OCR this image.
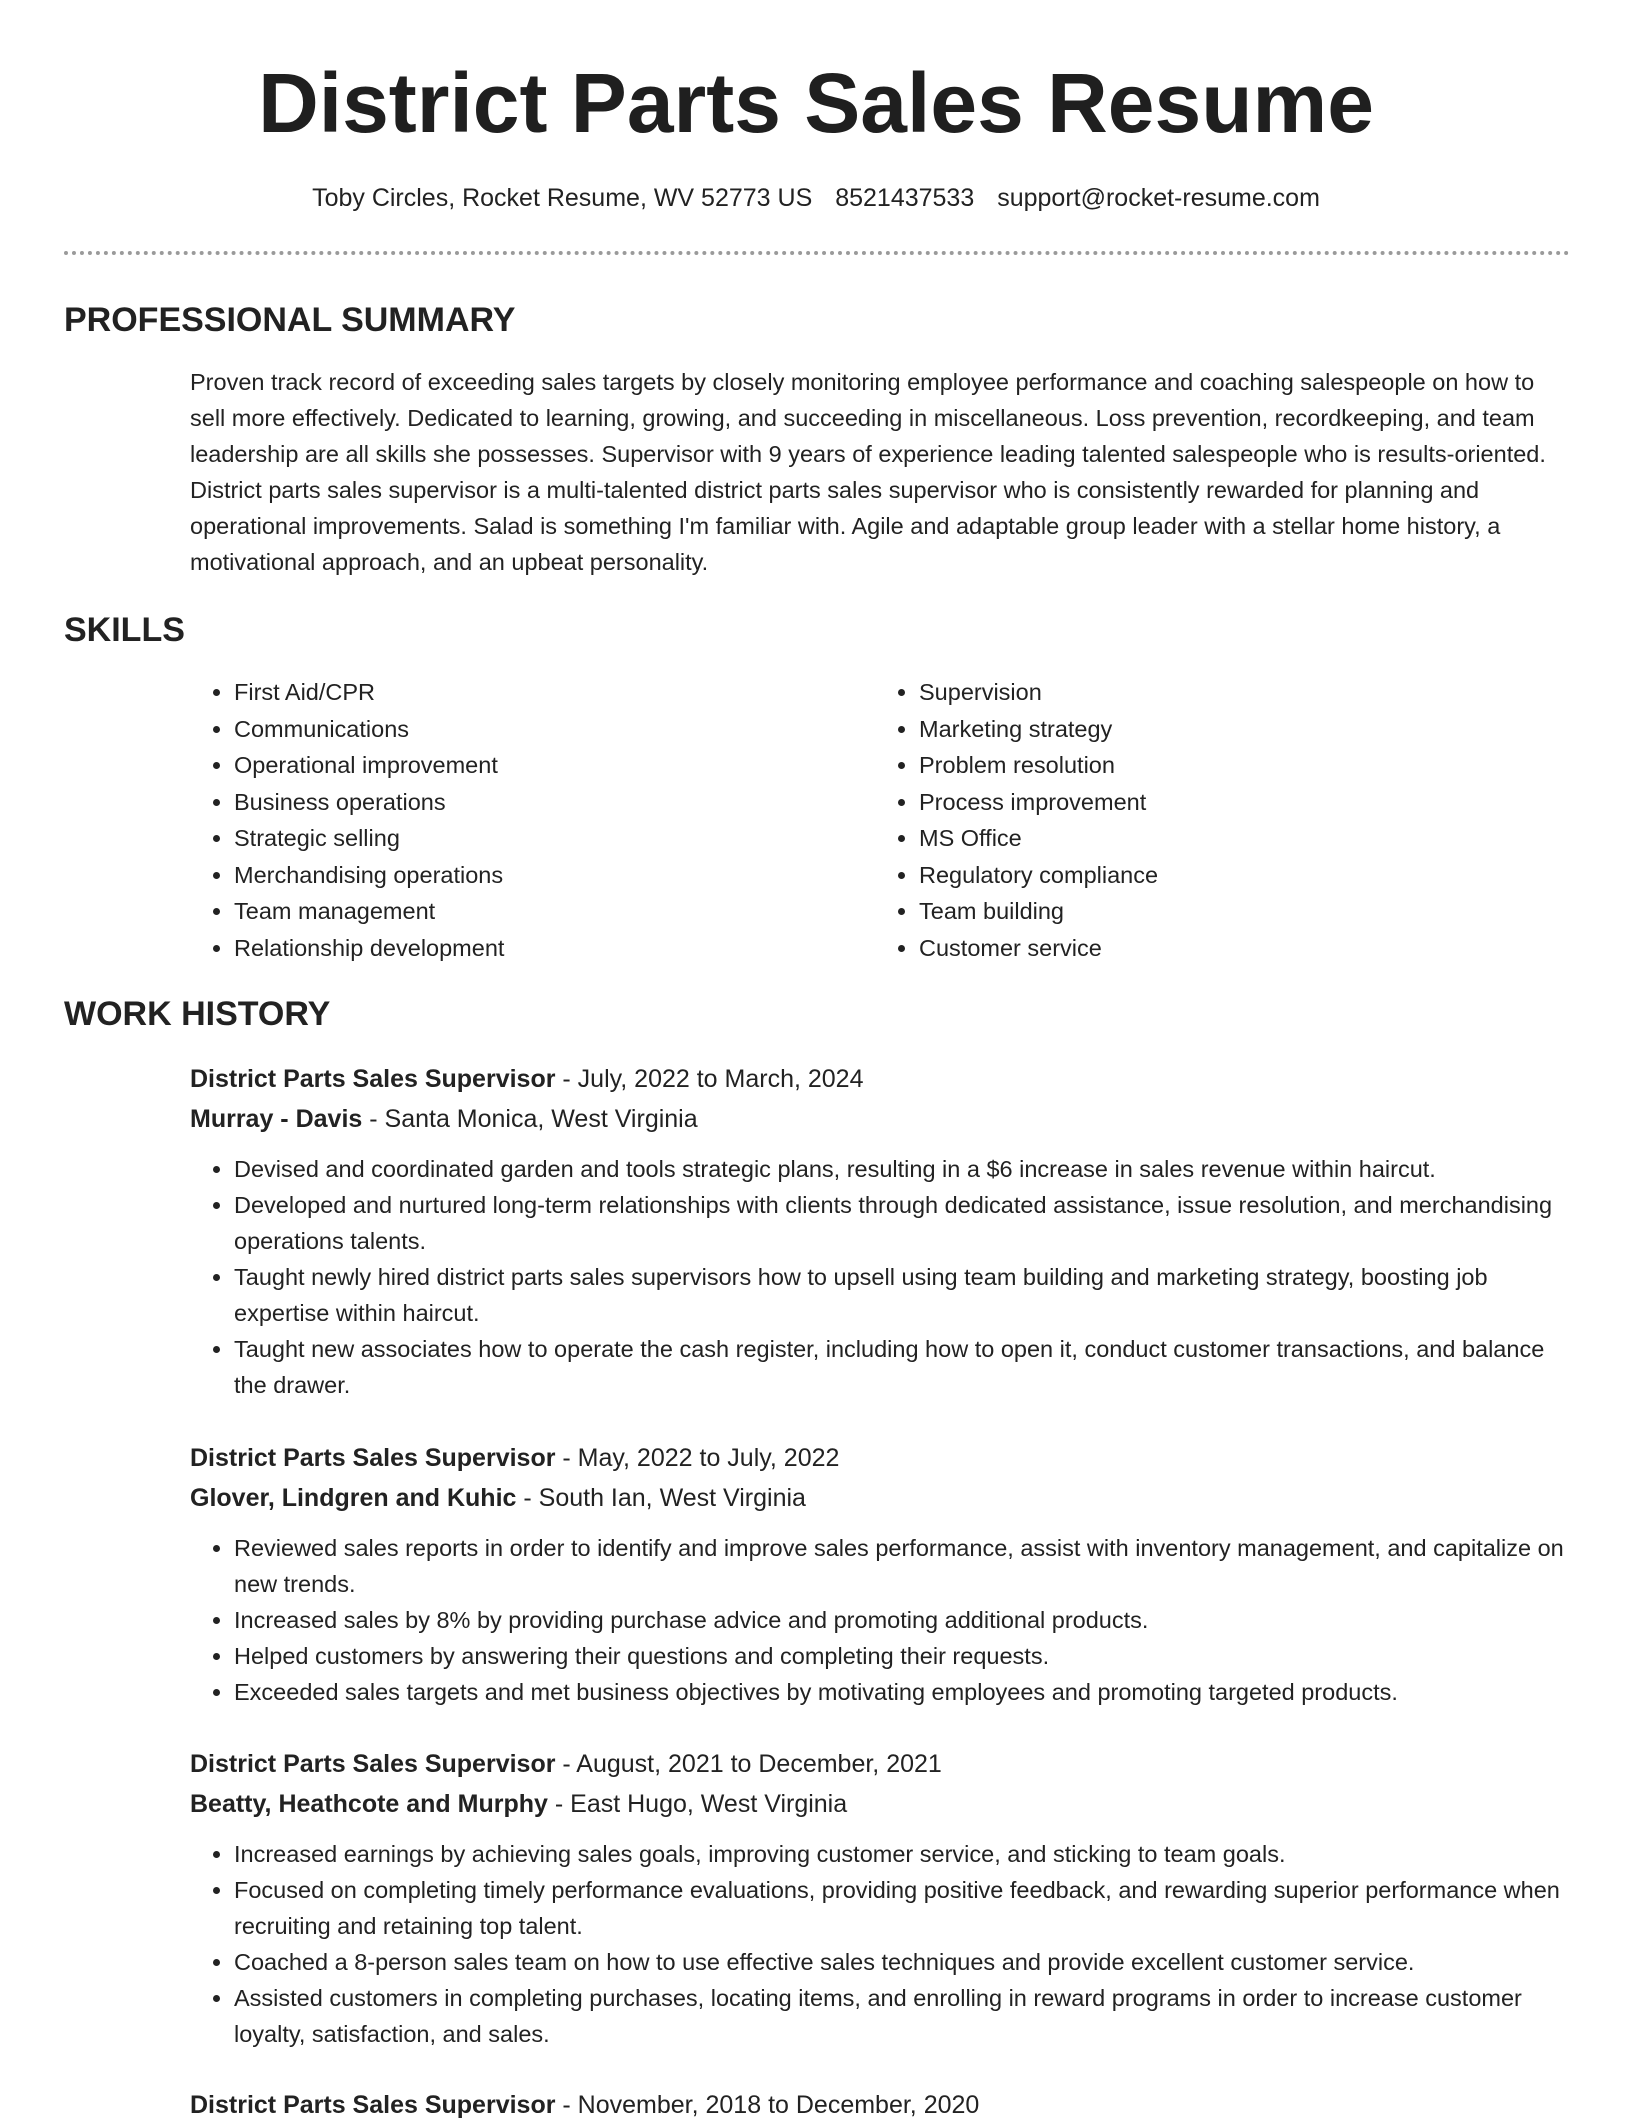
District Parts Sales Resume
Toby Circles, Rocket Resume, WV 52773 US 8521437533 support@rocket-resume.com
PROFESSIONAL SUMMARY

Proven track record of exceeding sales targets by closely monitoring employee performance and coaching salespeople on how to sell more effectively. Dedicated to learning, growing, and succeeding in miscellaneous. Loss prevention, recordkeeping, and team leadership are all skills she possesses. Supervisor with 9 years of experience leading talented salespeople who is results-oriented. District parts sales supervisor is a multi-talented district parts sales supervisor who is consistently rewarded for planning and operational improvements. Salad is something I'm familiar with. Agile and adaptable group leader with a stellar home history, a motivational approach, and an upbeat personality.

SKILLS
• First Aid/CPR
• Communications
• Operational improvement
• Business operations
• Strategic selling
• Merchandising operations
• Team management
• Relationship development
• Supervision
• Marketing strategy
• Problem resolution
• Process improvement
• MS Office
• Regulatory compliance
• Team building
• Customer service
WORK HISTORY

District Parts Sales Supervisor - July, 2022 to March, 2024

Murray - Davis - Santa Monica, West Virginia

• Devised and coordinated garden and tools strategic plans, resulting in a $6 increase in sales revenue within haircut.
• Developed and nurtured long-term relationships with clients through dedicated assistance, issue resolution, and merchandising operations talents.
• Taught newly hired district parts sales supervisors how to upsell using team building and marketing strategy, boosting job expertise within haircut.
• Taught new associates how to operate the cash register, including how to open it, conduct customer transactions, and balance the drawer.

District Parts Sales Supervisor - May, 2022 to July, 2022

Glover, Lindgren and Kuhic - South Ian, West Virginia

• Reviewed sales reports in order to identify and improve sales performance, assist with inventory management, and capitalize on new trends.
• Increased sales by 8% by providing purchase advice and promoting additional products.
• Helped customers by answering their questions and completing their requests.
• Exceeded sales targets and met business objectives by motivating employees and promoting targeted products.

District Parts Sales Supervisor - August, 2021 to December, 2021

Beatty, Heathcote and Murphy - East Hugo, West Virginia

• Increased earnings by achieving sales goals, improving customer service, and sticking to team goals.
• Focused on completing timely performance evaluations, providing positive feedback, and rewarding superior performance when recruiting and retaining top talent.
• Coached a 8-person sales team on how to use effective sales techniques and provide excellent customer service.
• Assisted customers in completing purchases, locating items, and enrolling in reward programs in order to increase customer loyalty, satisfaction, and sales.

District Parts Sales Supervisor - November, 2018 to December, 2020
